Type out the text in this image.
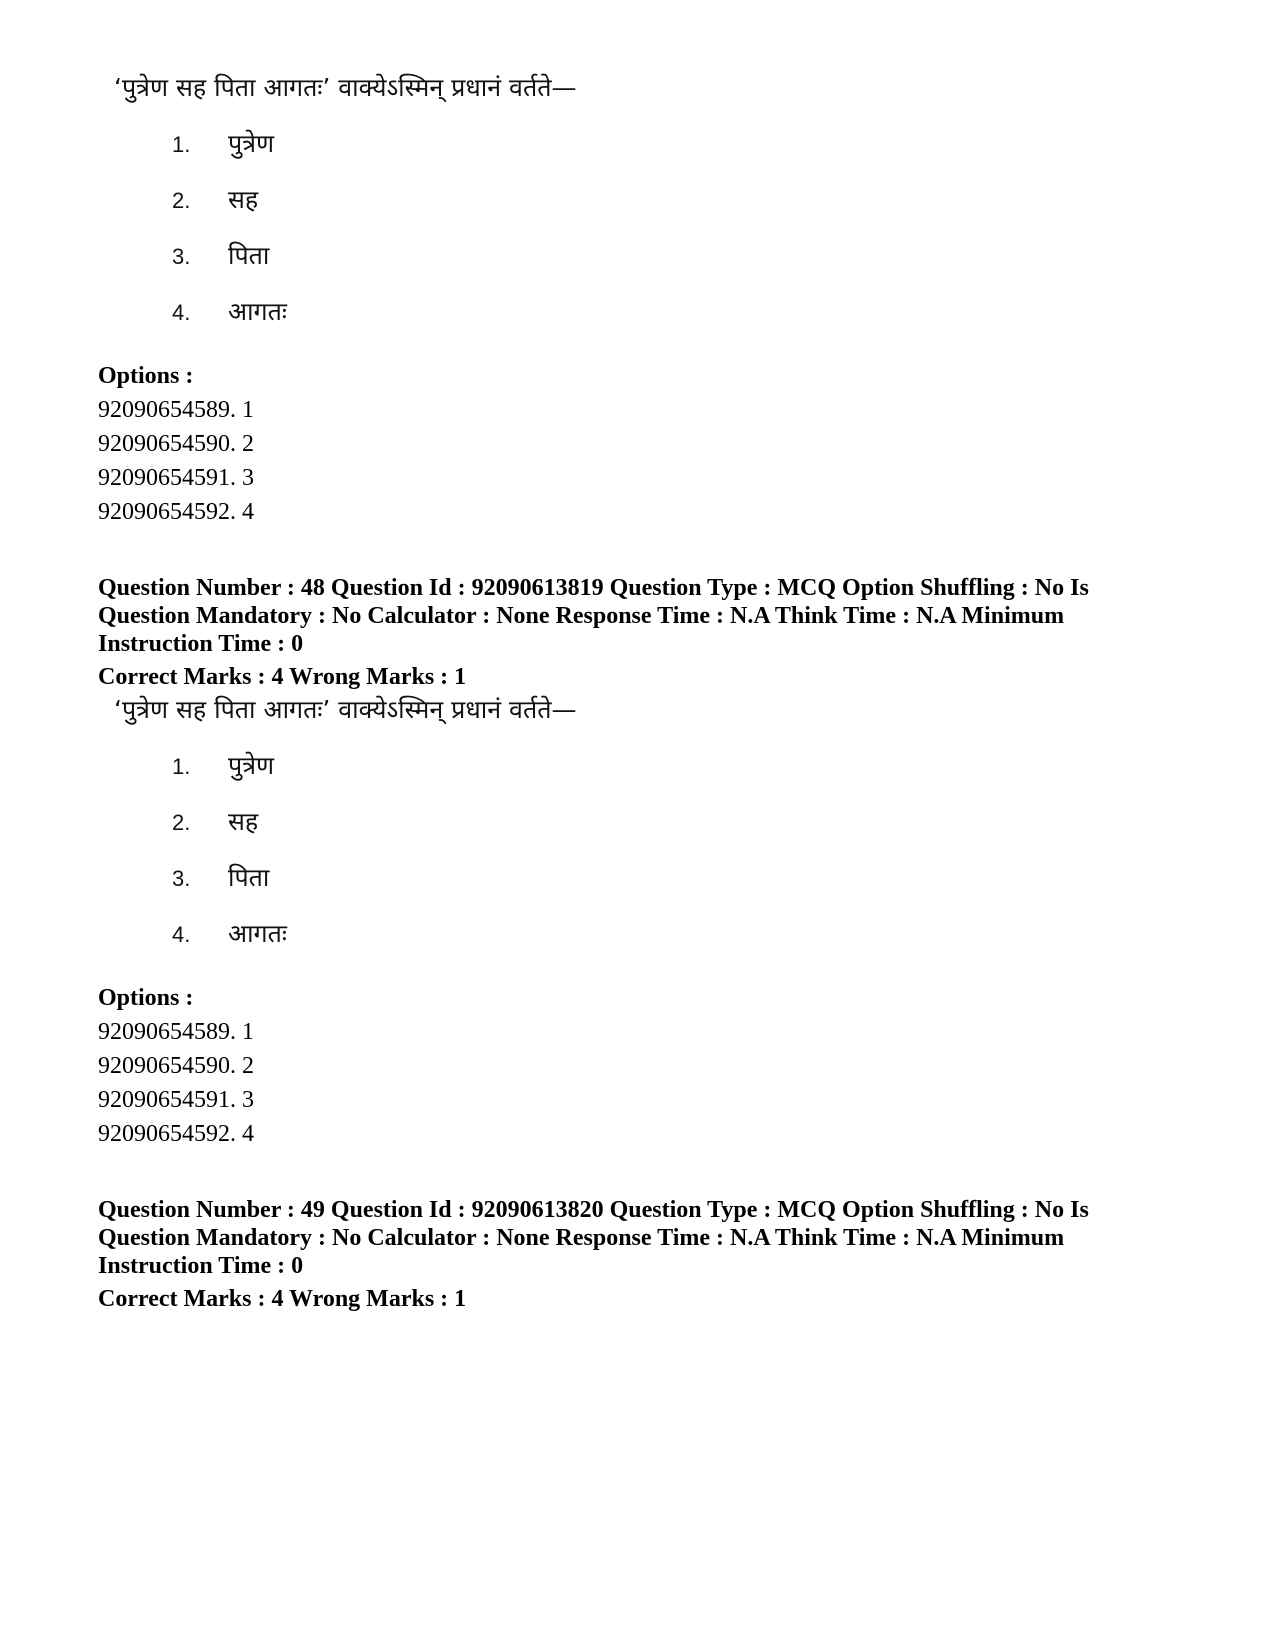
‘पुत्रेण सह पिता आगतः’ वाक्येऽस्मिन् प्रधानं वर्तते—
1. पुत्रेण
2. सह
3. पिता
4. आगतः

Options :

92090654589. 1

92090654590. 2

92090654591. 3

92090654592. 4

Question Number : 48 Question Id : 92090613819 Question Type : MCQ Option Shuffling : No Is

Question Mandatory : No Calculator : None Response Time : N.A Think Time : N.A Minimum

Instruction Time : 0

Correct Marks : 4 Wrong Marks : 1

‘पुत्रेण सह पिता आगतः’ वाक्येऽस्मिन् प्रधानं वर्तते—
1. पुत्रेण
2. सह
3. पिता
4. आगतः

Options :

92090654589. 1

92090654590. 2

92090654591. 3

92090654592. 4

Question Number : 49 Question Id : 92090613820 Question Type : MCQ Option Shuffling : No Is

Question Mandatory : No Calculator : None Response Time : N.A Think Time : N.A Minimum

Instruction Time : 0

Correct Marks : 4 Wrong Marks : 1
